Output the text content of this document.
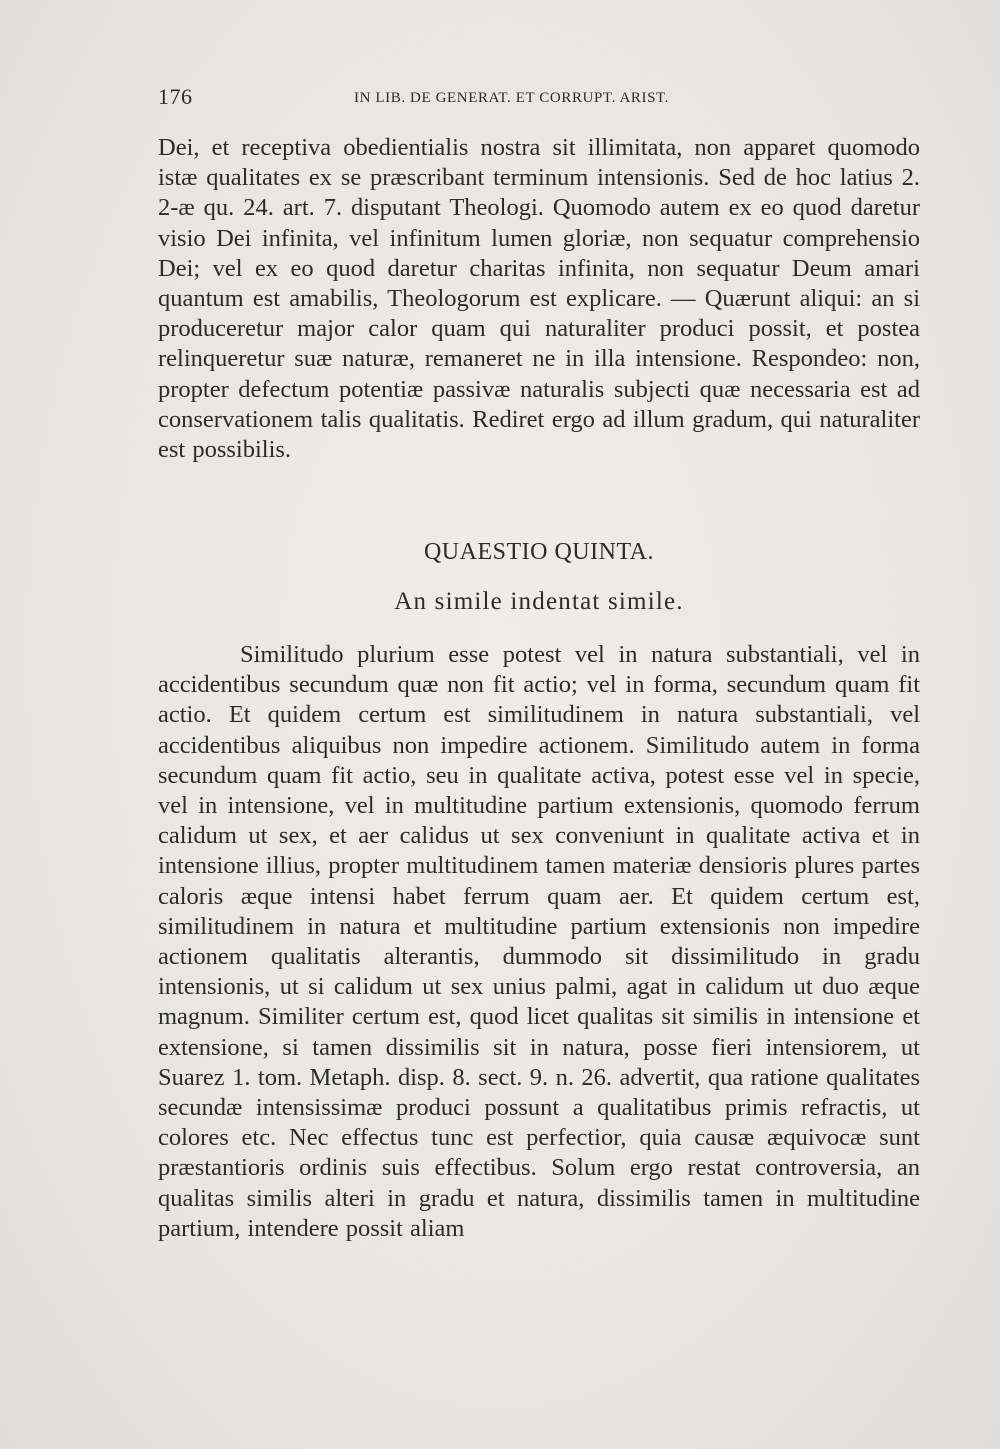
176	IN LIB. DE GENERAT. ET CORRUPT. ARIST.

Dei, et receptiva obedientialis nostra sit illimitata, non apparet quomodo istæ qualitates ex se præscribant terminum intensionis. Sed de hoc latius 2. 2-æ qu. 24. art. 7. disputant Theologi. Quomodo autem ex eo quod daretur visio Dei infinita, vel infinitum lumen gloriæ, non sequatur comprehensio Dei; vel ex eo quod daretur charitas infinita, non sequatur Deum amari quantum est amabilis, Theologorum est explicare. — Quærunt aliqui: an si produceretur major calor quam qui naturaliter produci possit, et postea relinqueretur suæ naturæ, remaneret ne in illa intensione. Respondeo: non, propter defectum potentiæ passivæ naturalis subjecti quæ necessaria est ad conservationem talis qualitatis. Rediret ergo ad illum gradum, qui naturaliter est possibilis.

QUAESTIO QUINTA.
An simile indentat simile.

Similitudo plurium esse potest vel in natura substantiali, vel in accidentibus secundum quæ non fit actio; vel in forma, secundum quam fit actio. Et quidem certum est similitudinem in natura substantiali, vel accidentibus aliquibus non impedire actionem. Similitudo autem in forma secundum quam fit actio, seu in qualitate activa, potest esse vel in specie, vel in intensione, vel in multitudine partium extensionis, quomodo ferrum calidum ut sex, et aer calidus ut sex conveniunt in qualitate activa et in intensione illius, propter multitudinem tamen materiæ densioris plures partes caloris æque intensi habet ferrum quam aer. Et quidem certum est, similitudinem in natura et multitudine partium extensionis non impedire actionem qualitatis alterantis, dummodo sit dissimilitudo in gradu intensionis, ut si calidum ut sex unius palmi, agat in calidum ut duo æque magnum. Similiter certum est, quod licet qualitas sit similis in intensione et extensione, si tamen dissimilis sit in natura, posse fieri intensiorem, ut Suarez 1. tom. Metaph. disp. 8. sect. 9. n. 26. advertit, qua ratione qualitates secundæ intensissimæ produci possunt a qualitatibus primis refractis, ut colores etc. Nec effectus tunc est perfectior, quia causæ æquivocæ sunt præstantioris ordinis suis effectibus. Solum ergo restat controversia, an qualitas similis alteri in gradu et natura, dissimilis tamen in multitudine partium, intendere possit aliam
